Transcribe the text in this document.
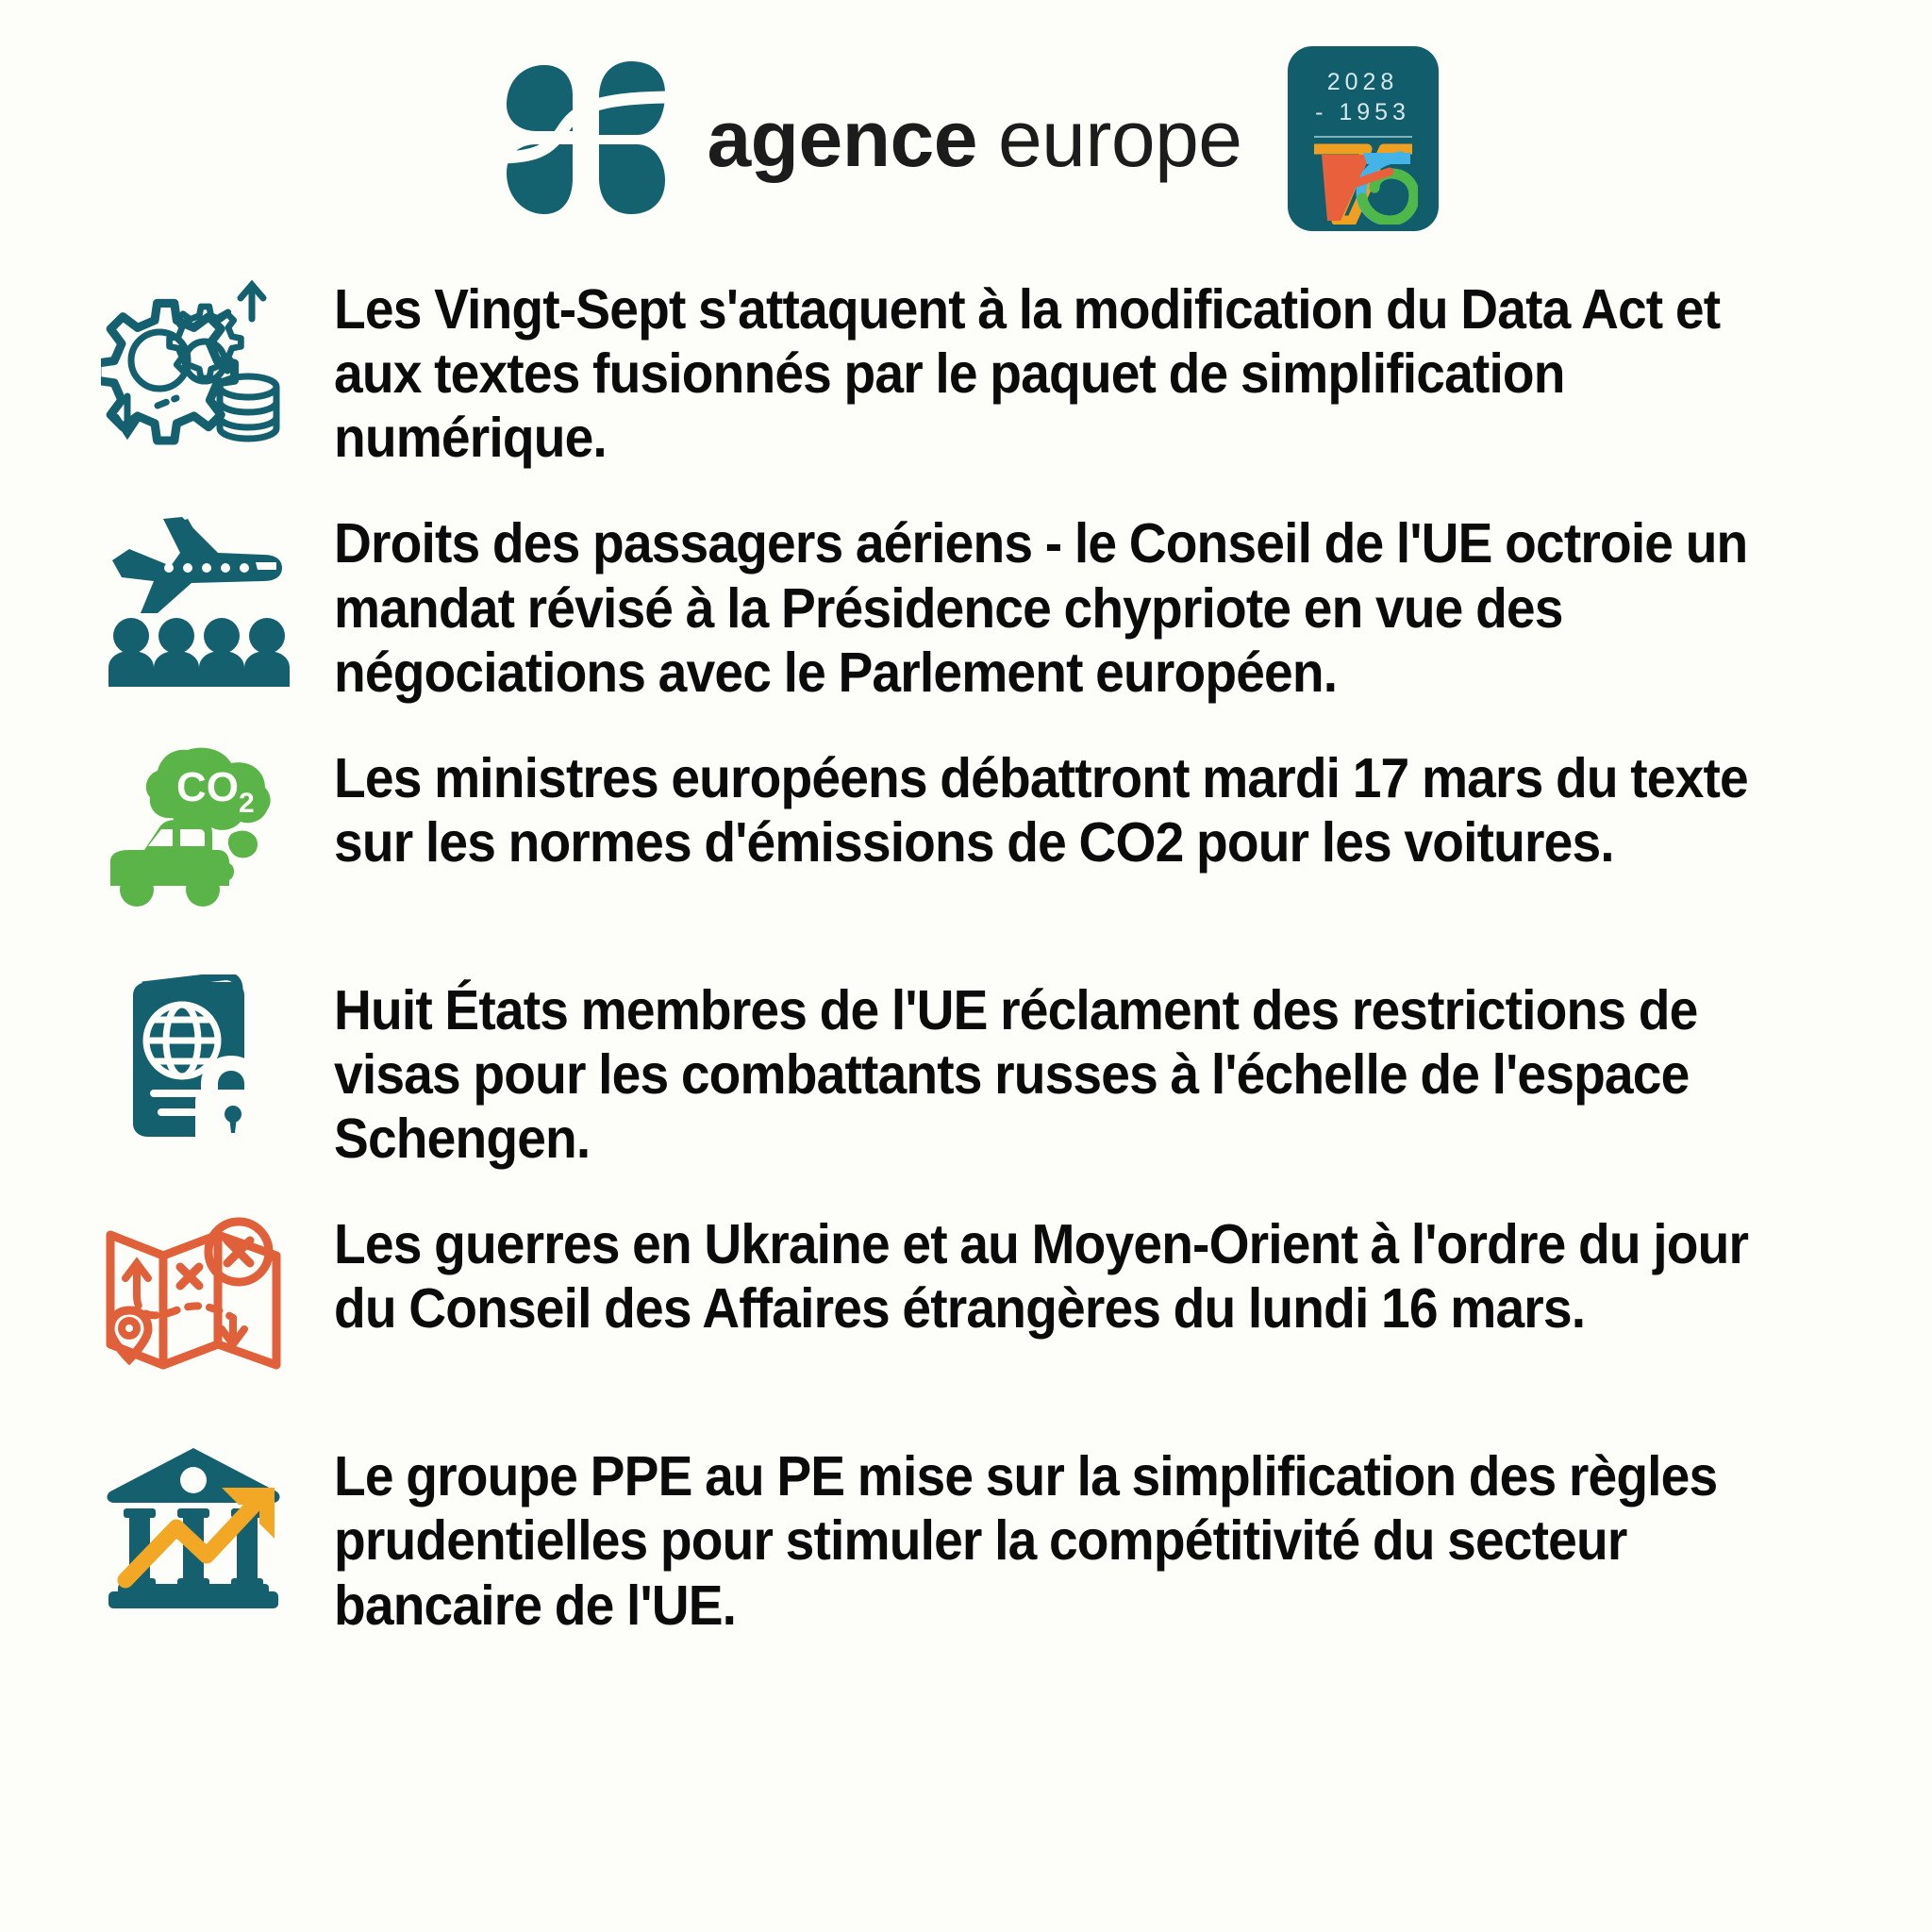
agence europe
2028
- 1953
Les Vingt-Sept s'attaquent à la modification du Data Act et aux textes fusionnés par le paquet de simplification numérique.
Droits des passagers aériens - le Conseil de l'UE octroie un mandat révisé à la Présidence chypriote en vue des négociations avec le Parlement européen.
CO 2 Les ministres européens débattront mardi 17 mars du texte sur les normes d'émissions de CO2 pour les voitures.
Huit États membres de l'UE réclament des restrictions de visas pour les combattants russes à l'échelle de l'espace Schengen.
Les guerres en Ukraine et au Moyen-Orient à l'ordre du jour du Conseil des Affaires étrangères du lundi 16 mars.
Le groupe PPE au PE mise sur la simplification des règles prudentielles pour stimuler la compétitivité du secteur bancaire de l'UE.
